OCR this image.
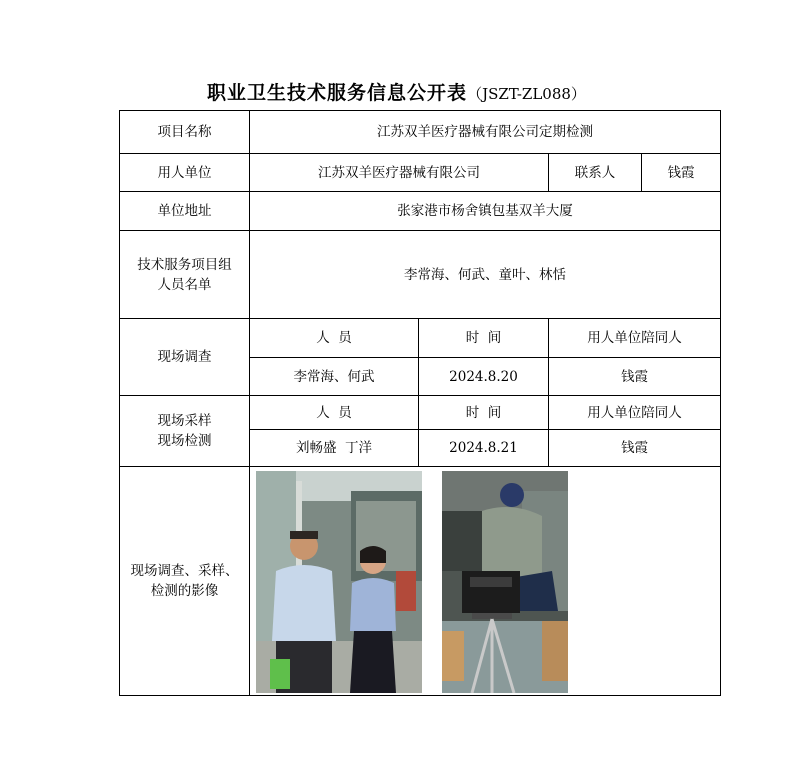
职业卫生技术服务信息公开表（JSZT-ZL088）
项目名称	江苏双羊医疗器械有限公司定期检测			
用人单位	江苏双羊医疗器械有限公司		联系人	钱霞
单位地址	张家港市杨舍镇包基双羊大厦			

技术服务项目组
人员名单	李常海、何武、童叶、林恬			
现场调查	人  员	时  间	用人单位陪同人	
	李常海、何武	2024.8.20	钱霞	

现场采样
现场检测	人  员	时  间	用人单位陪同人	
	刘畅盛  丁洋	2024.8.21	钱霞	

现场调查、采样、
检测的影像
